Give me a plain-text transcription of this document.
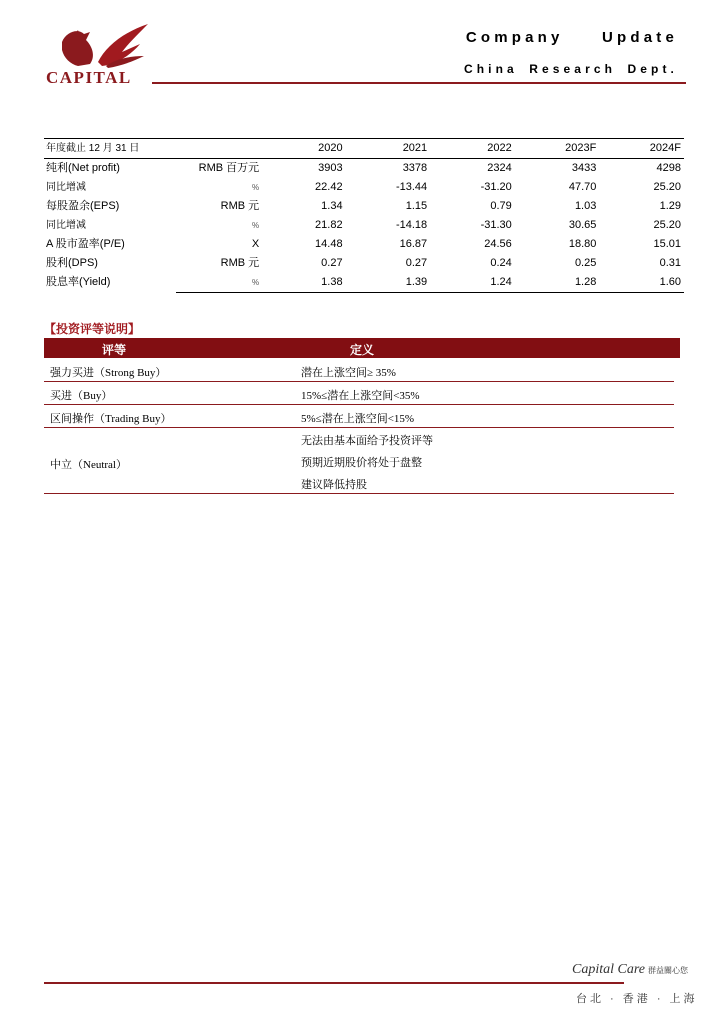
CAPITAL
Company Update
China Research Dept.
年度截止 12 月 31 日		2020	2021	2022	2023F	2024F
纯利(Net profit)	RMB 百万元	3903	3378	2324	3433	4298
同比增减	%	22.42	-13.44	-31.20	47.70	25.20
每股盈余(EPS)	RMB 元	1.34	1.15	0.79	1.03	1.29
同比增减	%	21.82	-14.18	-31.30	30.65	25.20
A 股市盈率(P/E)	X	14.48	16.87	24.56	18.80	15.01
股利(DPS)	RMB 元	0.27	0.27	0.24	0.25	0.31
股息率(Yield)	%	1.38	1.39	1.24	1.28	1.60
【投资评等说明】
评等	定义
强力买进（Strong Buy）	潜在上涨空间≥ 35%
买进（Buy）	15%≤潜在上涨空间<35%
区间操作（Trading Buy）	5%≤潜在上涨空间<15%
中立（Neutral）
无法由基本面给予投资评等
预期近期股价将处于盘整
建议降低持股
Capital Care 群益關心您
台北 · 香港 · 上海
